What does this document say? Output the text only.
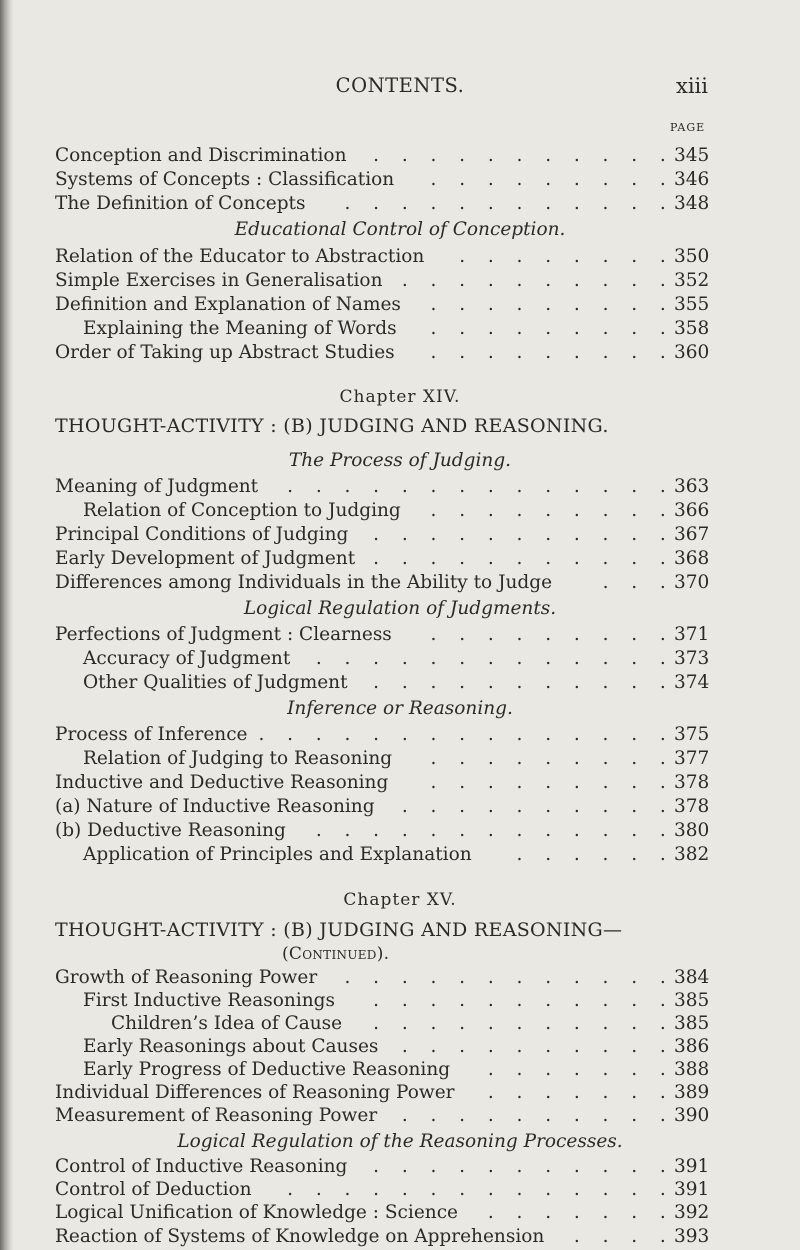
CONTENTS.	xiii
PAGE
Conception and Discrimination	.  .  .  .  .  .  .  .  .  .  . 345
Systems of Concepts : Classification	.  .  .  .  .  .  .  .  . 346
The Definition of Concepts	.  .  .  .  .  .  .  .  .  .  .  . 348
Educational Control of Conception.
Relation of the Educator to Abstraction	.  .  .  .  .  .  .  . 350
Simple Exercises in Generalisation	.  .  .  .  .  .  .  .  .  . 352
Definition and Explanation of Names	.  .  .  .  .  .  .  .  . 355
Explaining the Meaning of Words	.  .  .  .  .  .  .  .  . 358
Order of Taking up Abstract Studies	.  .  .  .  .  .  .  .  . 360
Chapter XIV.
THOUGHT-ACTIVITY : (B) JUDGING AND REASONING.
The Process of Judging.
Meaning of Judgment	.  .  .  .  .  .  .  .  .  .  .  .  .  . 363
Relation of Conception to Judging	.  .  .  .  .  .  .  .  . 366
Principal Conditions of Judging	.  .  .  .  .  .  .  .  .  .  . 367
Early Development of Judgment .  .  .  .  .  .  .  .  .  .  . 368
Differences among Individuals in the Ability to Judge	.  .  . 370
Logical Regulation of Judgments.
Perfections of Judgment : Clearness	.  .  .  .  .  .  .  .  . 371
Accuracy of Judgment	.  .  .  .  .  .  .  .  .  .  .  .  . 373
Other Qualities of Judgment	.  .  .  .  .  .  .  .  .  .  . 374
Inference or Reasoning.
Process of Inference .  .  .  .  .  .  .  .  .  .  .  .  .  .  . 375
Relation of Judging to Reasoning	.  .  .  .  .  .  .  .  . 377
Inductive and Deductive Reasoning	.  .  .  .  .  .  .  .  . 378
(a) Nature of Inductive Reasoning	.  .  .  .  .  .  .  .  .  . 378
(b) Deductive Reasoning	.  .  .  .  .  .  .  .  .  .  .  .  . 380
Application of Principles and Explanation	.  .  .  .  .  . 382
Chapter XV.
THOUGHT-ACTIVITY : (B) JUDGING AND REASONING—
(Continued).
Growth of Reasoning Power	.  .  .  .  .  .  .  .  .  .  .  . 384
First Inductive Reasonings	.  .  .  .  .  .  .  .  .  .  . 385
Children’s Idea of Cause	.  .  .  .  .  .  .  .  .  .  . 385
Early Reasonings about Causes	.  .  .  .  .  .  .  .  .  . 386
Early Progress of Deductive Reasoning	.  .  .  .  .  .  . 388
Individual Differences of Reasoning Power	.  .  .  .  .  .  . 389
Measurement of Reasoning Power	.  .  .  .  .  .  .  .  .  . 390
Logical Regulation of the Reasoning Processes.
Control of Inductive Reasoning	.  .  .  .  .  .  .  .  .  .  . 391
Control of Deduction	.  .  .  .  .  .  .  .  .  .  .  .  .  . 391
Logical Unification of Knowledge : Science	.  .  .  .  .  .  . 392
Reaction of Systems of Knowledge on Apprehension	.  .  .  . 393
